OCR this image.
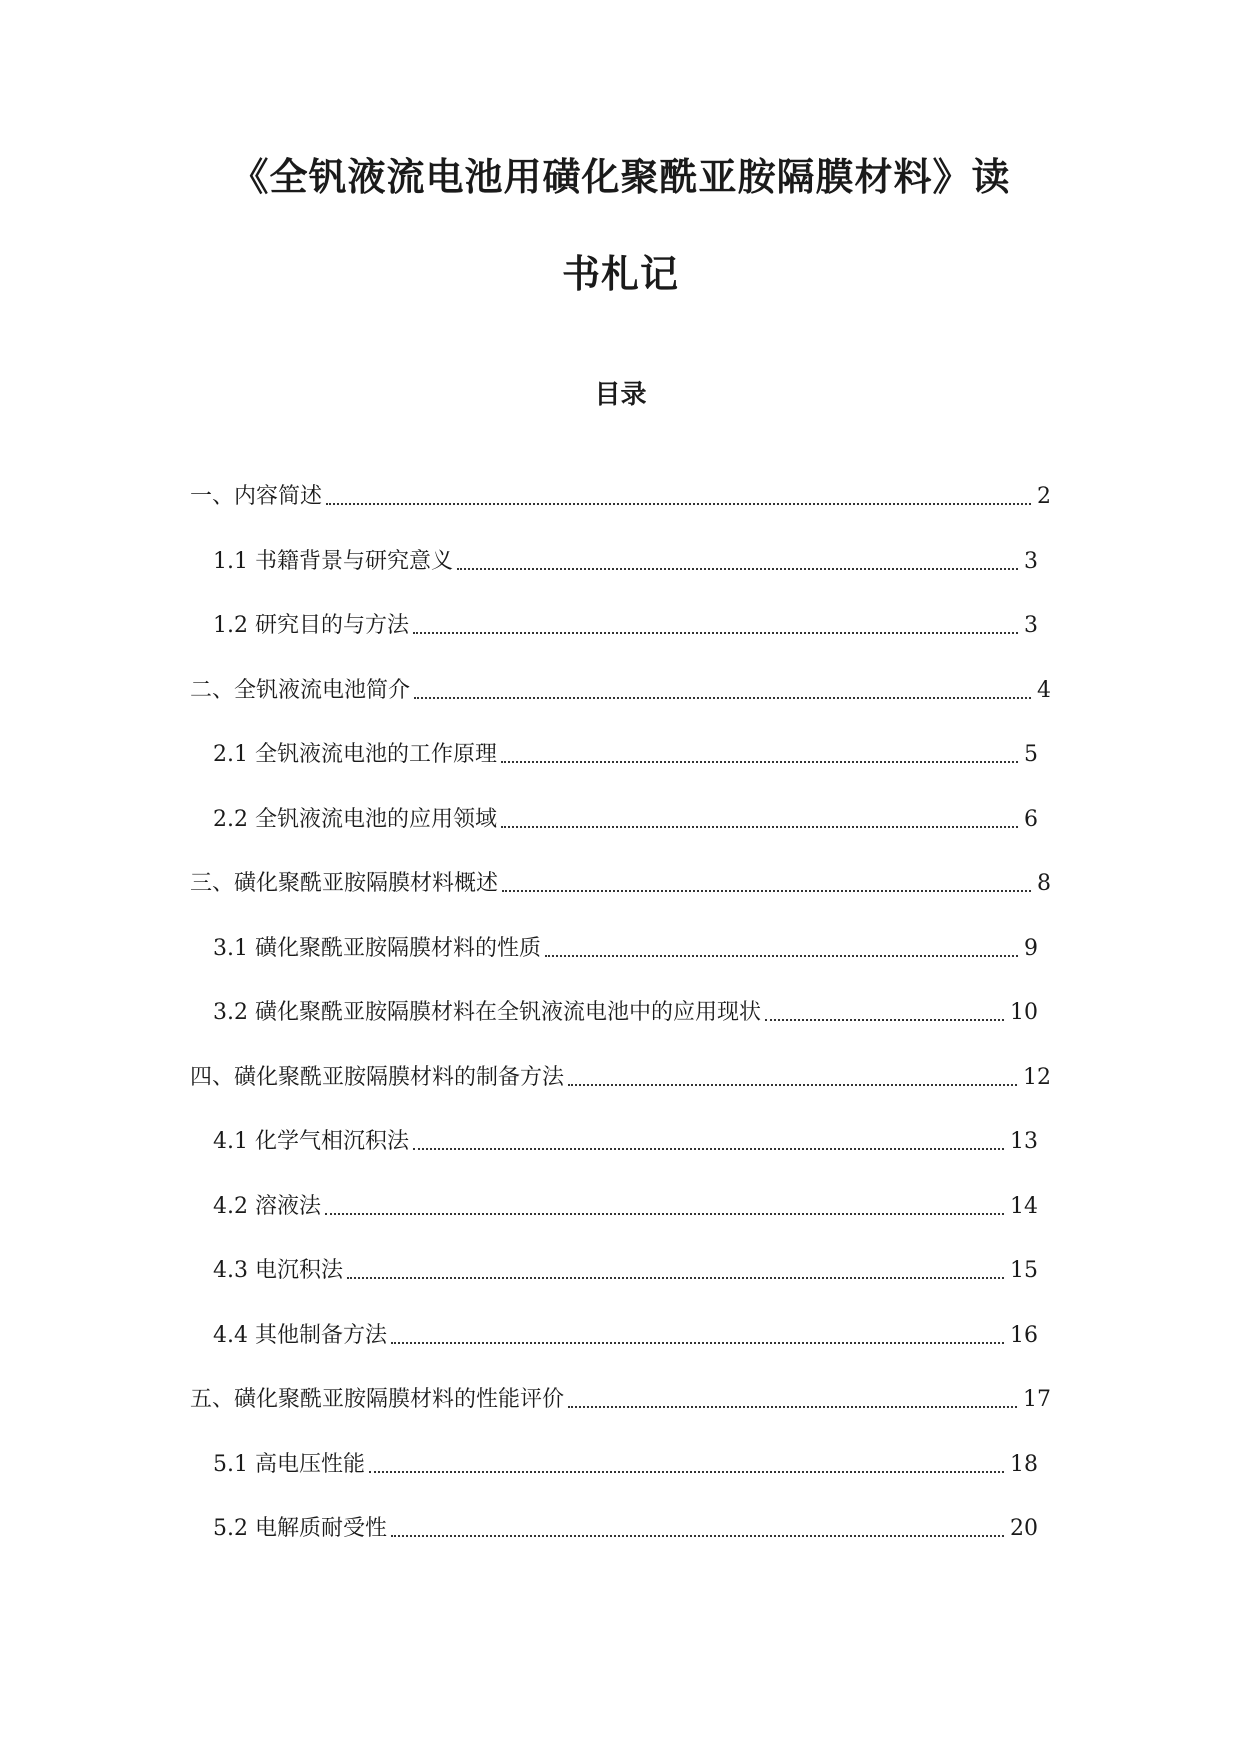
《全钒液流电池用磺化聚酰亚胺隔膜材料》读
书札记
目录
一、内容简述	2
1.1 书籍背景与研究意义	3
1.2 研究目的与方法	3
二、全钒液流电池简介	4
2.1 全钒液流电池的工作原理	5
2.2 全钒液流电池的应用领域	6
三、磺化聚酰亚胺隔膜材料概述	8
3.1 磺化聚酰亚胺隔膜材料的性质	9
3.2 磺化聚酰亚胺隔膜材料在全钒液流电池中的应用现状	10
四、磺化聚酰亚胺隔膜材料的制备方法	12
4.1 化学气相沉积法	13
4.2 溶液法	14
4.3 电沉积法	15
4.4 其他制备方法	16
五、磺化聚酰亚胺隔膜材料的性能评价	17
5.1 高电压性能	18
5.2 电解质耐受性	20
